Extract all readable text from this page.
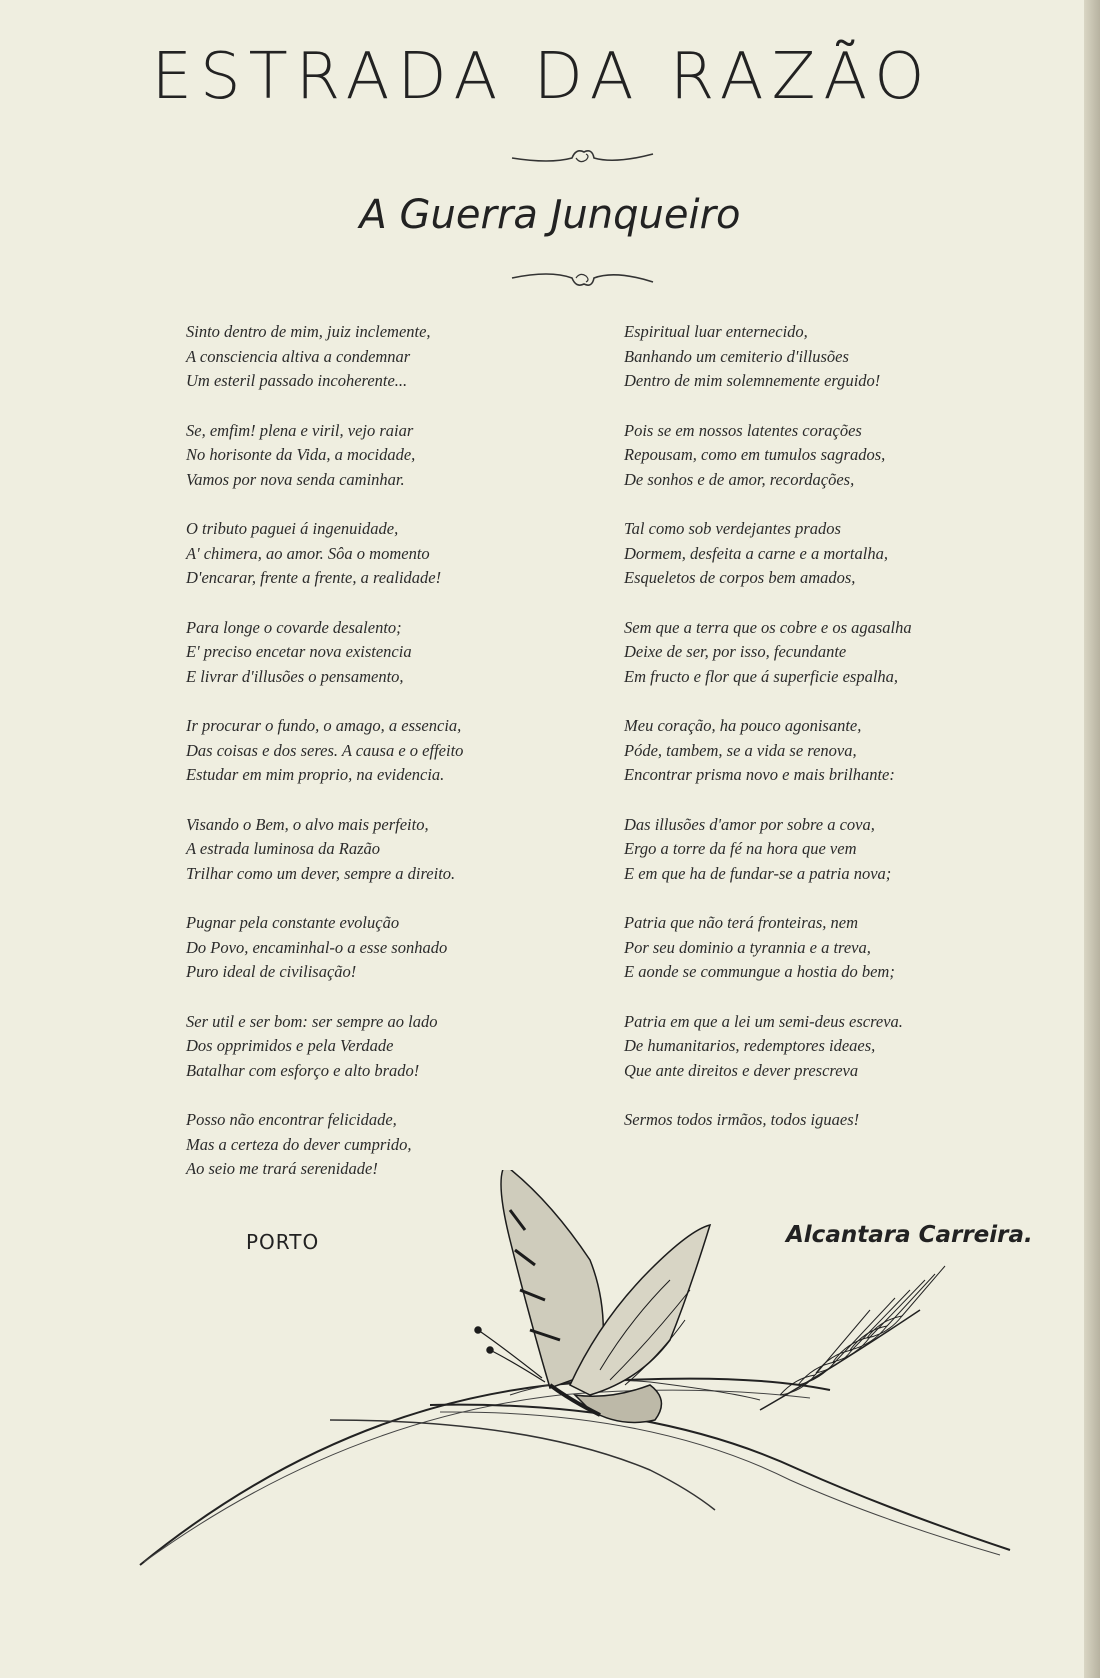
ESTRADA DA RAZÃO
A Guerra Junqueiro
Sinto dentro de mim, juiz inclemente,
A consciencia altiva a condemnar
Um esteril passado incoherente...
Se, emfim! plena e viril, vejo raiar
No horisonte da Vida, a mocidade,
Vamos por nova senda caminhar.
O tributo paguei á ingenuidade,
A' chimera, ao amor. Sôa o momento
D'encarar, frente a frente, a realidade!
Para longe o covarde desalento;
E' preciso encetar nova existencia
E livrar d'illusões o pensamento,
Ir procurar o fundo, o amago, a essencia,
Das coisas e dos seres. A causa e o effeito
Estudar em mim proprio, na evidencia.
Visando o Bem, o alvo mais perfeito,
A estrada luminosa da Razão
Trilhar como um dever, sempre a direito.
Pugnar pela constante evolução
Do Povo, encaminhal-o a esse sonhado
Puro ideal de civilisação!
Ser util e ser bom: ser sempre ao lado
Dos opprimidos e pela Verdade
Batalhar com esforço e alto brado!
Posso não encontrar felicidade,
Mas a certeza do dever cumprido,
Ao seio me trará serenidade!
Espiritual luar enternecido,
Banhando um cemiterio d'illusões
Dentro de mim solemnemente erguido!
Pois se em nossos latentes corações
Repousam, como em tumulos sagrados,
De sonhos e de amor, recordações,
Tal como sob verdejantes prados
Dormem, desfeita a carne e a mortalha,
Esqueletos de corpos bem amados,
Sem que a terra que os cobre e os agasalha
Deixe de ser, por isso, fecundante
Em fructo e flor que á superficie espalha,
Meu coração, ha pouco agonisante,
Póde, tambem, se a vida se renova,
Encontrar prisma novo e mais brilhante:
Das illusões d'amor por sobre a cova,
Ergo a torre da fé na hora que vem
E em que ha de fundar-se a patria nova;
Patria que não terá fronteiras, nem
Por seu dominio a tyrannia e a treva,
E aonde se commungue a hostia do bem;
Patria em que a lei um semi-deus escreva.
De humanitarios, redemptores ideaes,
Que ante direitos e dever prescreva
Sermos todos irmãos, todos iguaes!
PORTO	Alcantara Carreira.
